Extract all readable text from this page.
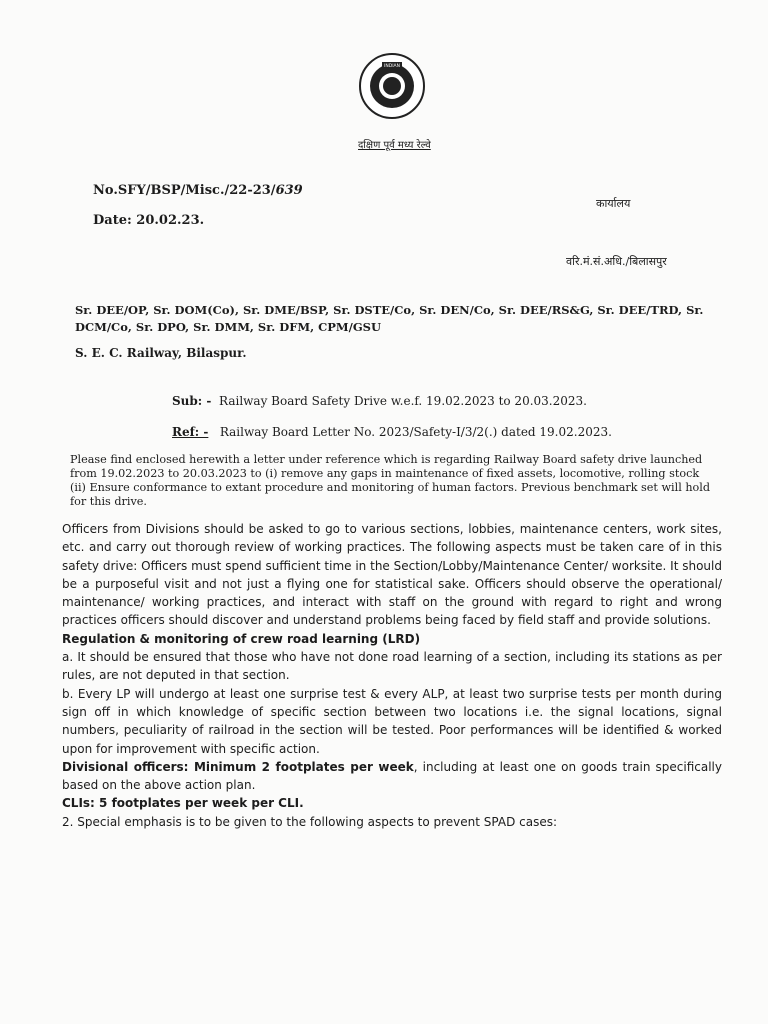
INDIAN
दक्षिण पूर्व मध्य रेल्वे
No.SFY/BSP/Misc./22-23/639
कार्यालय
Date: 20.02.23.
वरि.मं.सं.अधि./बिलासपुर
Sr. DEE/OP, Sr. DOM(Co), Sr. DME/BSP, Sr. DSTE/Co, Sr. DEN/Co, Sr. DEE/RS&G, Sr. DEE/TRD, Sr. DCM/Co, Sr. DPO, Sr. DMM, Sr. DFM, CPM/GSU
S. E. C. Railway, Bilaspur.
Sub: - Railway Board Safety Drive w.e.f. 19.02.2023 to 20.03.2023.
Ref: - Railway Board Letter No. 2023/Safety-I/3/2(.) dated 19.02.2023.
Please find enclosed herewith a letter under reference which is regarding Railway Board safety drive launched from 19.02.2023 to 20.03.2023 to (i) remove any gaps in maintenance of fixed assets, locomotive, rolling stock
(ii) Ensure conformance to extant procedure and monitoring of human factors. Previous benchmark set will hold for this drive.

Officers from Divisions should be asked to go to various sections, lobbies, maintenance centers, work sites, etc. and carry out thorough review of working practices. The following aspects must be taken care of in this safety drive: Officers must spend sufficient time in the Section/Lobby/Maintenance Center/ worksite. It should be a purposeful visit and not just a flying one for statistical sake. Officers should observe the operational/ maintenance/ working practices, and interact with staff on the ground with regard to right and wrong practices officers should discover and understand problems being faced by field staff and provide solutions.

Regulation & monitoring of crew road learning (LRD)

a. It should be ensured that those who have not done road learning of a section, including its stations as per rules, are not deputed in that section.

b. Every LP will undergo at least one surprise test & every ALP, at least two surprise tests per month during sign off in which knowledge of specific section between two locations i.e. the signal locations, signal numbers, peculiarity of railroad in the section will be tested. Poor performances will be identified & worked upon for improvement with specific action.

Divisional officers: Minimum 2 footplates per week, including at least one on goods train specifically based on the above action plan.

CLIs: 5 footplates per week per CLI.

2. Special emphasis is to be given to the following aspects to prevent SPAD cases:
